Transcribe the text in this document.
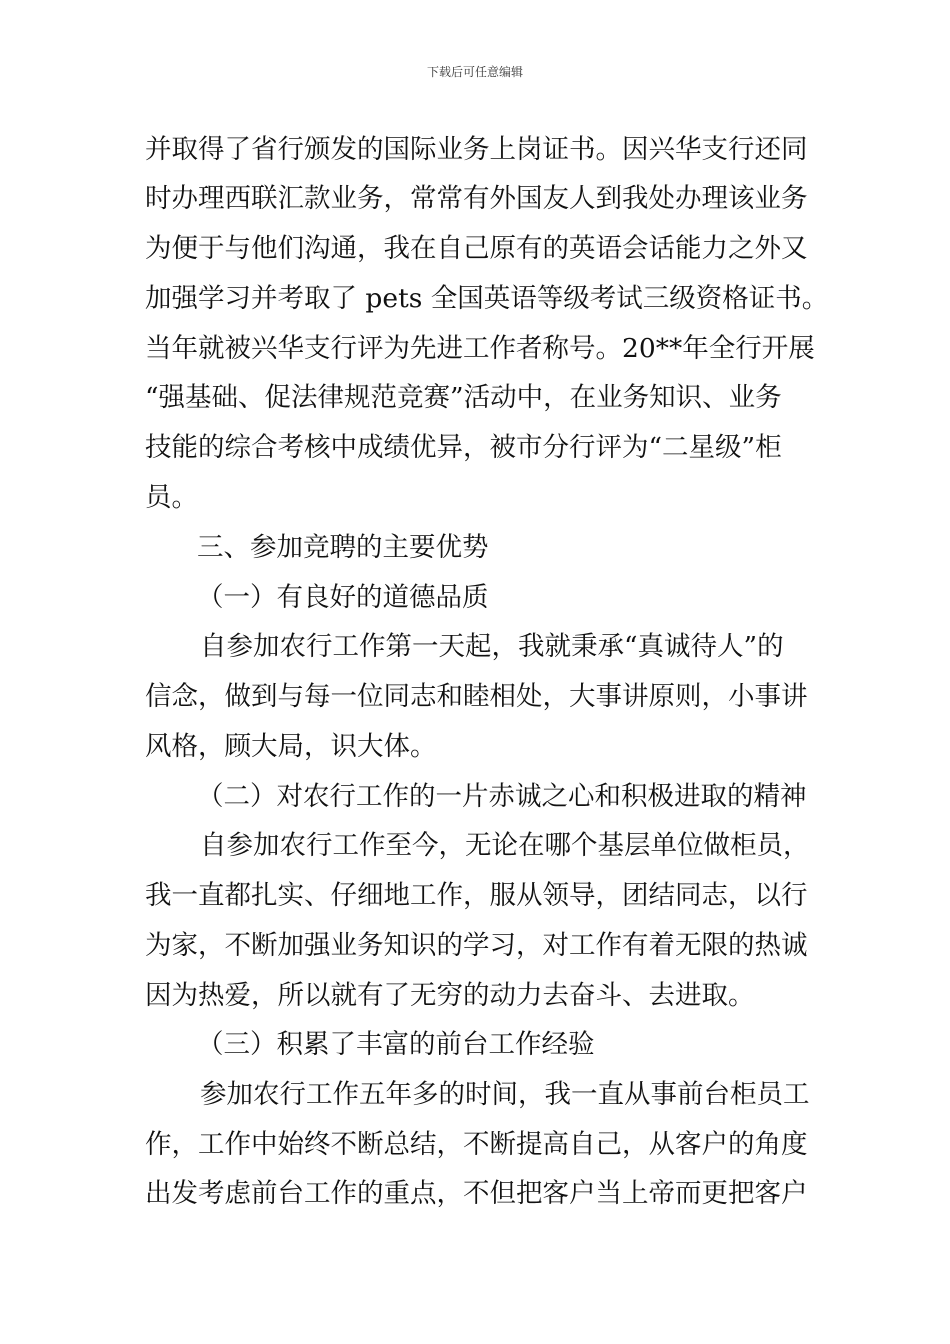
下载后可任意编辑
并取得了省行颁发的国际业务上岗证书。因兴华支行还同
时办理西联汇款业务，常常有外国友人到我处办理该业务
为便于与他们沟通，我在自己原有的英语会话能力之外又
加强学习并考取了 pets 全国英语等级考试三级资格证书。
当年就被兴华支行评为先进工作者称号。20**年全行开展
“强基础、促法律规范竞赛”活动中，在业务知识、业务
技能的综合考核中成绩优异，被市分行评为“二星级”柜
员。
三、参加竞聘的主要优势
（一）有良好的道德品质
自参加农行工作第一天起，我就秉承“真诚待人”的
信念，做到与每一位同志和睦相处，大事讲原则，小事讲
风格，顾大局，识大体。
（二）对农行工作的一片赤诚之心和积极进取的精神
自参加农行工作至今，无论在哪个基层单位做柜员，
我一直都扎实、仔细地工作，服从领导，团结同志，以行
为家，不断加强业务知识的学习，对工作有着无限的热诚
因为热爱，所以就有了无穷的动力去奋斗、去进取。
（三）积累了丰富的前台工作经验
参加农行工作五年多的时间，我一直从事前台柜员工
作，工作中始终不断总结，不断提高自己，从客户的角度
出发考虑前台工作的重点，不但把客户当上帝而更把客户
